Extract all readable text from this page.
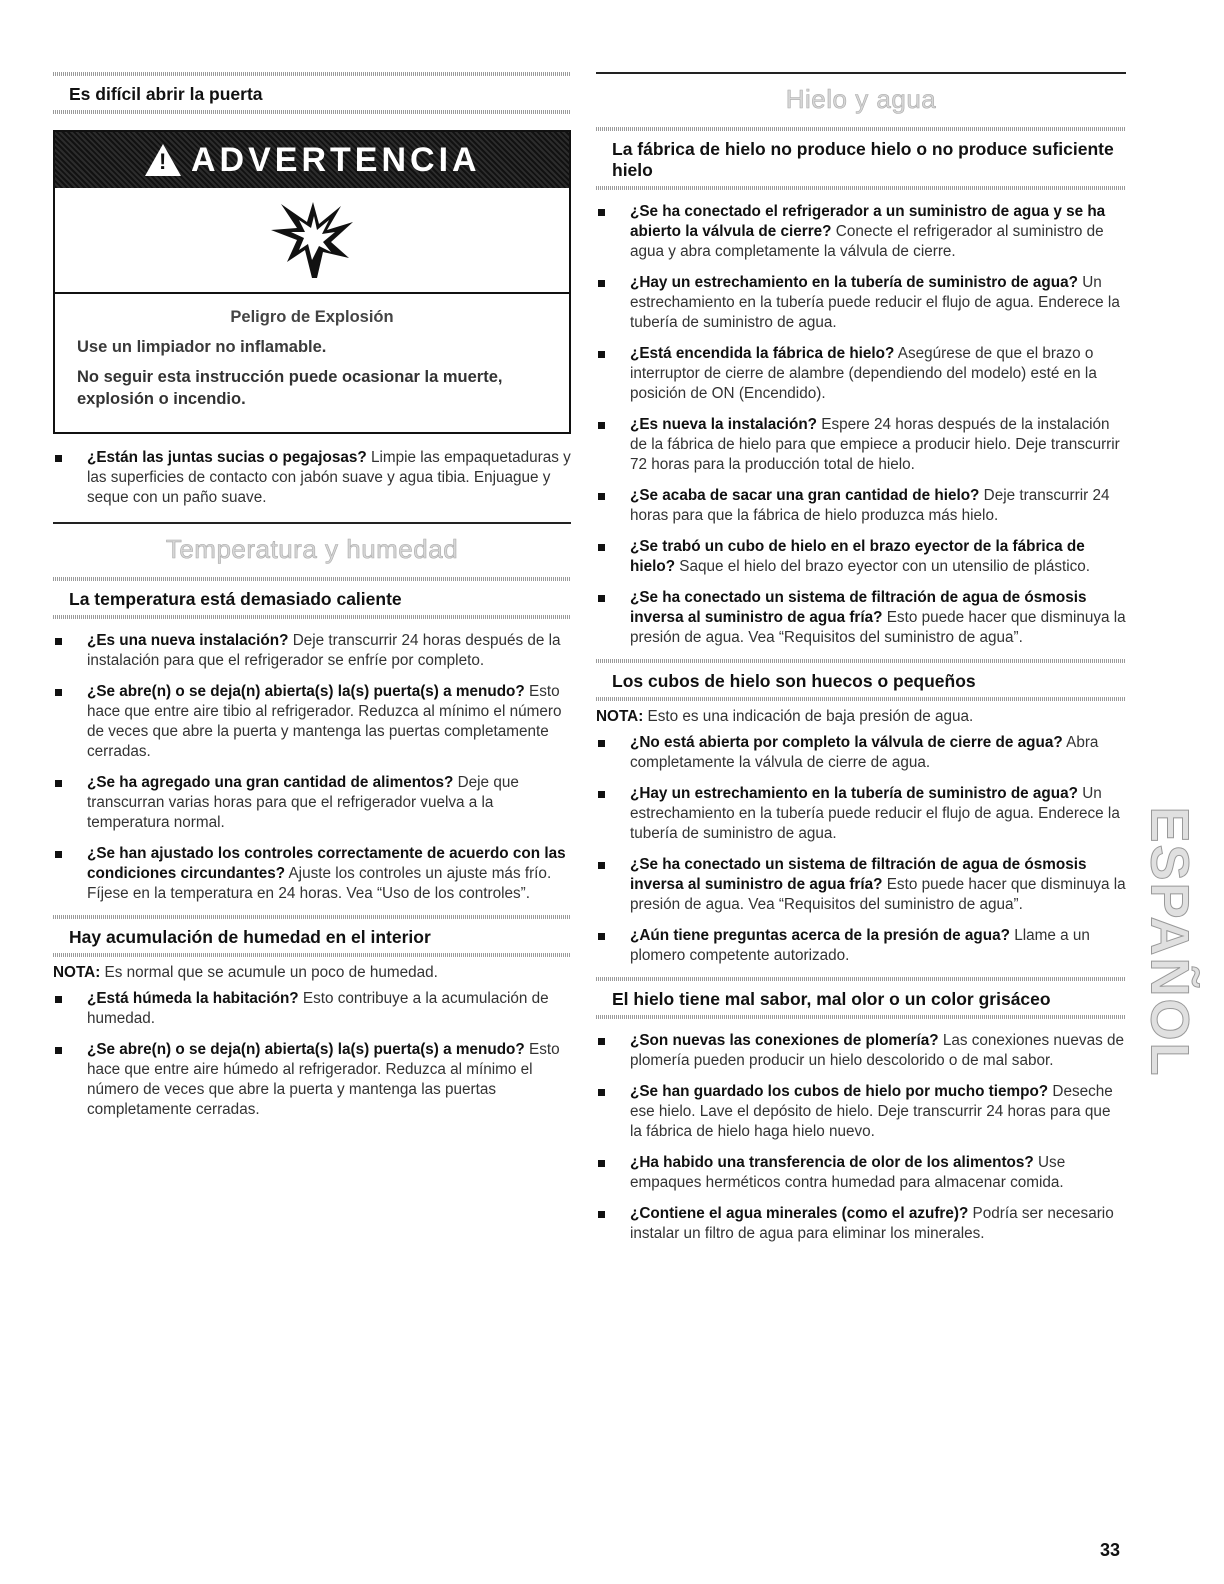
Es difícil abrir la puerta
! ADVERTENCIA
Peligro de Explosión

Use un limpiador no inflamable.

No seguir esta instrucción puede ocasionar la muerte, explosión o incendio.

¿Están las juntas sucias o pegajosas? Limpie las empaquetaduras y las superficies de contacto con jabón suave y agua tibia. Enjuague y seque con un paño suave.
Temperatura y humedad
La temperatura está demasiado caliente
¿Es una nueva instalación? Deje transcurrir 24 horas después de la instalación para que el refrigerador se enfríe por completo.
¿Se abre(n) o se deja(n) abierta(s) la(s) puerta(s) a menudo? Esto hace que entre aire tibio al refrigerador. Reduzca al mínimo el número de veces que abre la puerta y mantenga las puertas completamente cerradas.
¿Se ha agregado una gran cantidad de alimentos? Deje que transcurran varias horas para que el refrigerador vuelva a la temperatura normal.
¿Se han ajustado los controles correctamente de acuerdo con las condiciones circundantes? Ajuste los controles un ajuste más frío. Fíjese en la temperatura en 24 horas. Vea “Uso de los controles”.
Hay acumulación de humedad en el interior
NOTA: Es normal que se acumule un poco de humedad.
¿Está húmeda la habitación? Esto contribuye a la acumulación de humedad.
¿Se abre(n) o se deja(n) abierta(s) la(s) puerta(s) a menudo? Esto hace que entre aire húmedo al refrigerador. Reduzca al mínimo el número de veces que abre la puerta y mantenga las puertas completamente cerradas.
Hielo y agua
La fábrica de hielo no produce hielo o no produce suficiente hielo
¿Se ha conectado el refrigerador a un suministro de agua y se ha abierto la válvula de cierre? Conecte el refrigerador al suministro de agua y abra completamente la válvula de cierre.
¿Hay un estrechamiento en la tubería de suministro de agua? Un estrechamiento en la tubería puede reducir el flujo de agua. Enderece la tubería de suministro de agua.
¿Está encendida la fábrica de hielo? Asegúrese de que el brazo o interruptor de cierre de alambre (dependiendo del modelo) esté en la posición de ON (Encendido).
¿Es nueva la instalación? Espere 24 horas después de la instalación de la fábrica de hielo para que empiece a producir hielo. Deje transcurrir 72 horas para la producción total de hielo.
¿Se acaba de sacar una gran cantidad de hielo? Deje transcurrir 24 horas para que la fábrica de hielo produzca más hielo.
¿Se trabó un cubo de hielo en el brazo eyector de la fábrica de hielo? Saque el hielo del brazo eyector con un utensilio de plástico.
¿Se ha conectado un sistema de filtración de agua de ósmosis inversa al suministro de agua fría? Esto puede hacer que disminuya la presión de agua. Vea “Requisitos del suministro de agua”.
Los cubos de hielo son huecos o pequeños
NOTA: Esto es una indicación de baja presión de agua.
¿No está abierta por completo la válvula de cierre de agua? Abra completamente la válvula de cierre de agua.
¿Hay un estrechamiento en la tubería de suministro de agua? Un estrechamiento en la tubería puede reducir el flujo de agua. Enderece la tubería de suministro de agua.
¿Se ha conectado un sistema de filtración de agua de ósmosis inversa al suministro de agua fría? Esto puede hacer que disminuya la presión de agua. Vea “Requisitos del suministro de agua”.
¿Aún tiene preguntas acerca de la presión de agua? Llame a un plomero competente autorizado.
El hielo tiene mal sabor, mal olor o un color grisáceo
¿Son nuevas las conexiones de plomería? Las conexiones nuevas de plomería pueden producir un hielo descolorido o de mal sabor.
¿Se han guardado los cubos de hielo por mucho tiempo? Deseche ese hielo. Lave el depósito de hielo. Deje transcurrir 24 horas para que la fábrica de hielo haga hielo nuevo.
¿Ha habido una transferencia de olor de los alimentos? Use empaques herméticos contra humedad para almacenar comida.
¿Contiene el agua minerales (como el azufre)? Podría ser necesario instalar un filtro de agua para eliminar los minerales.
ESPAÑOL
33
